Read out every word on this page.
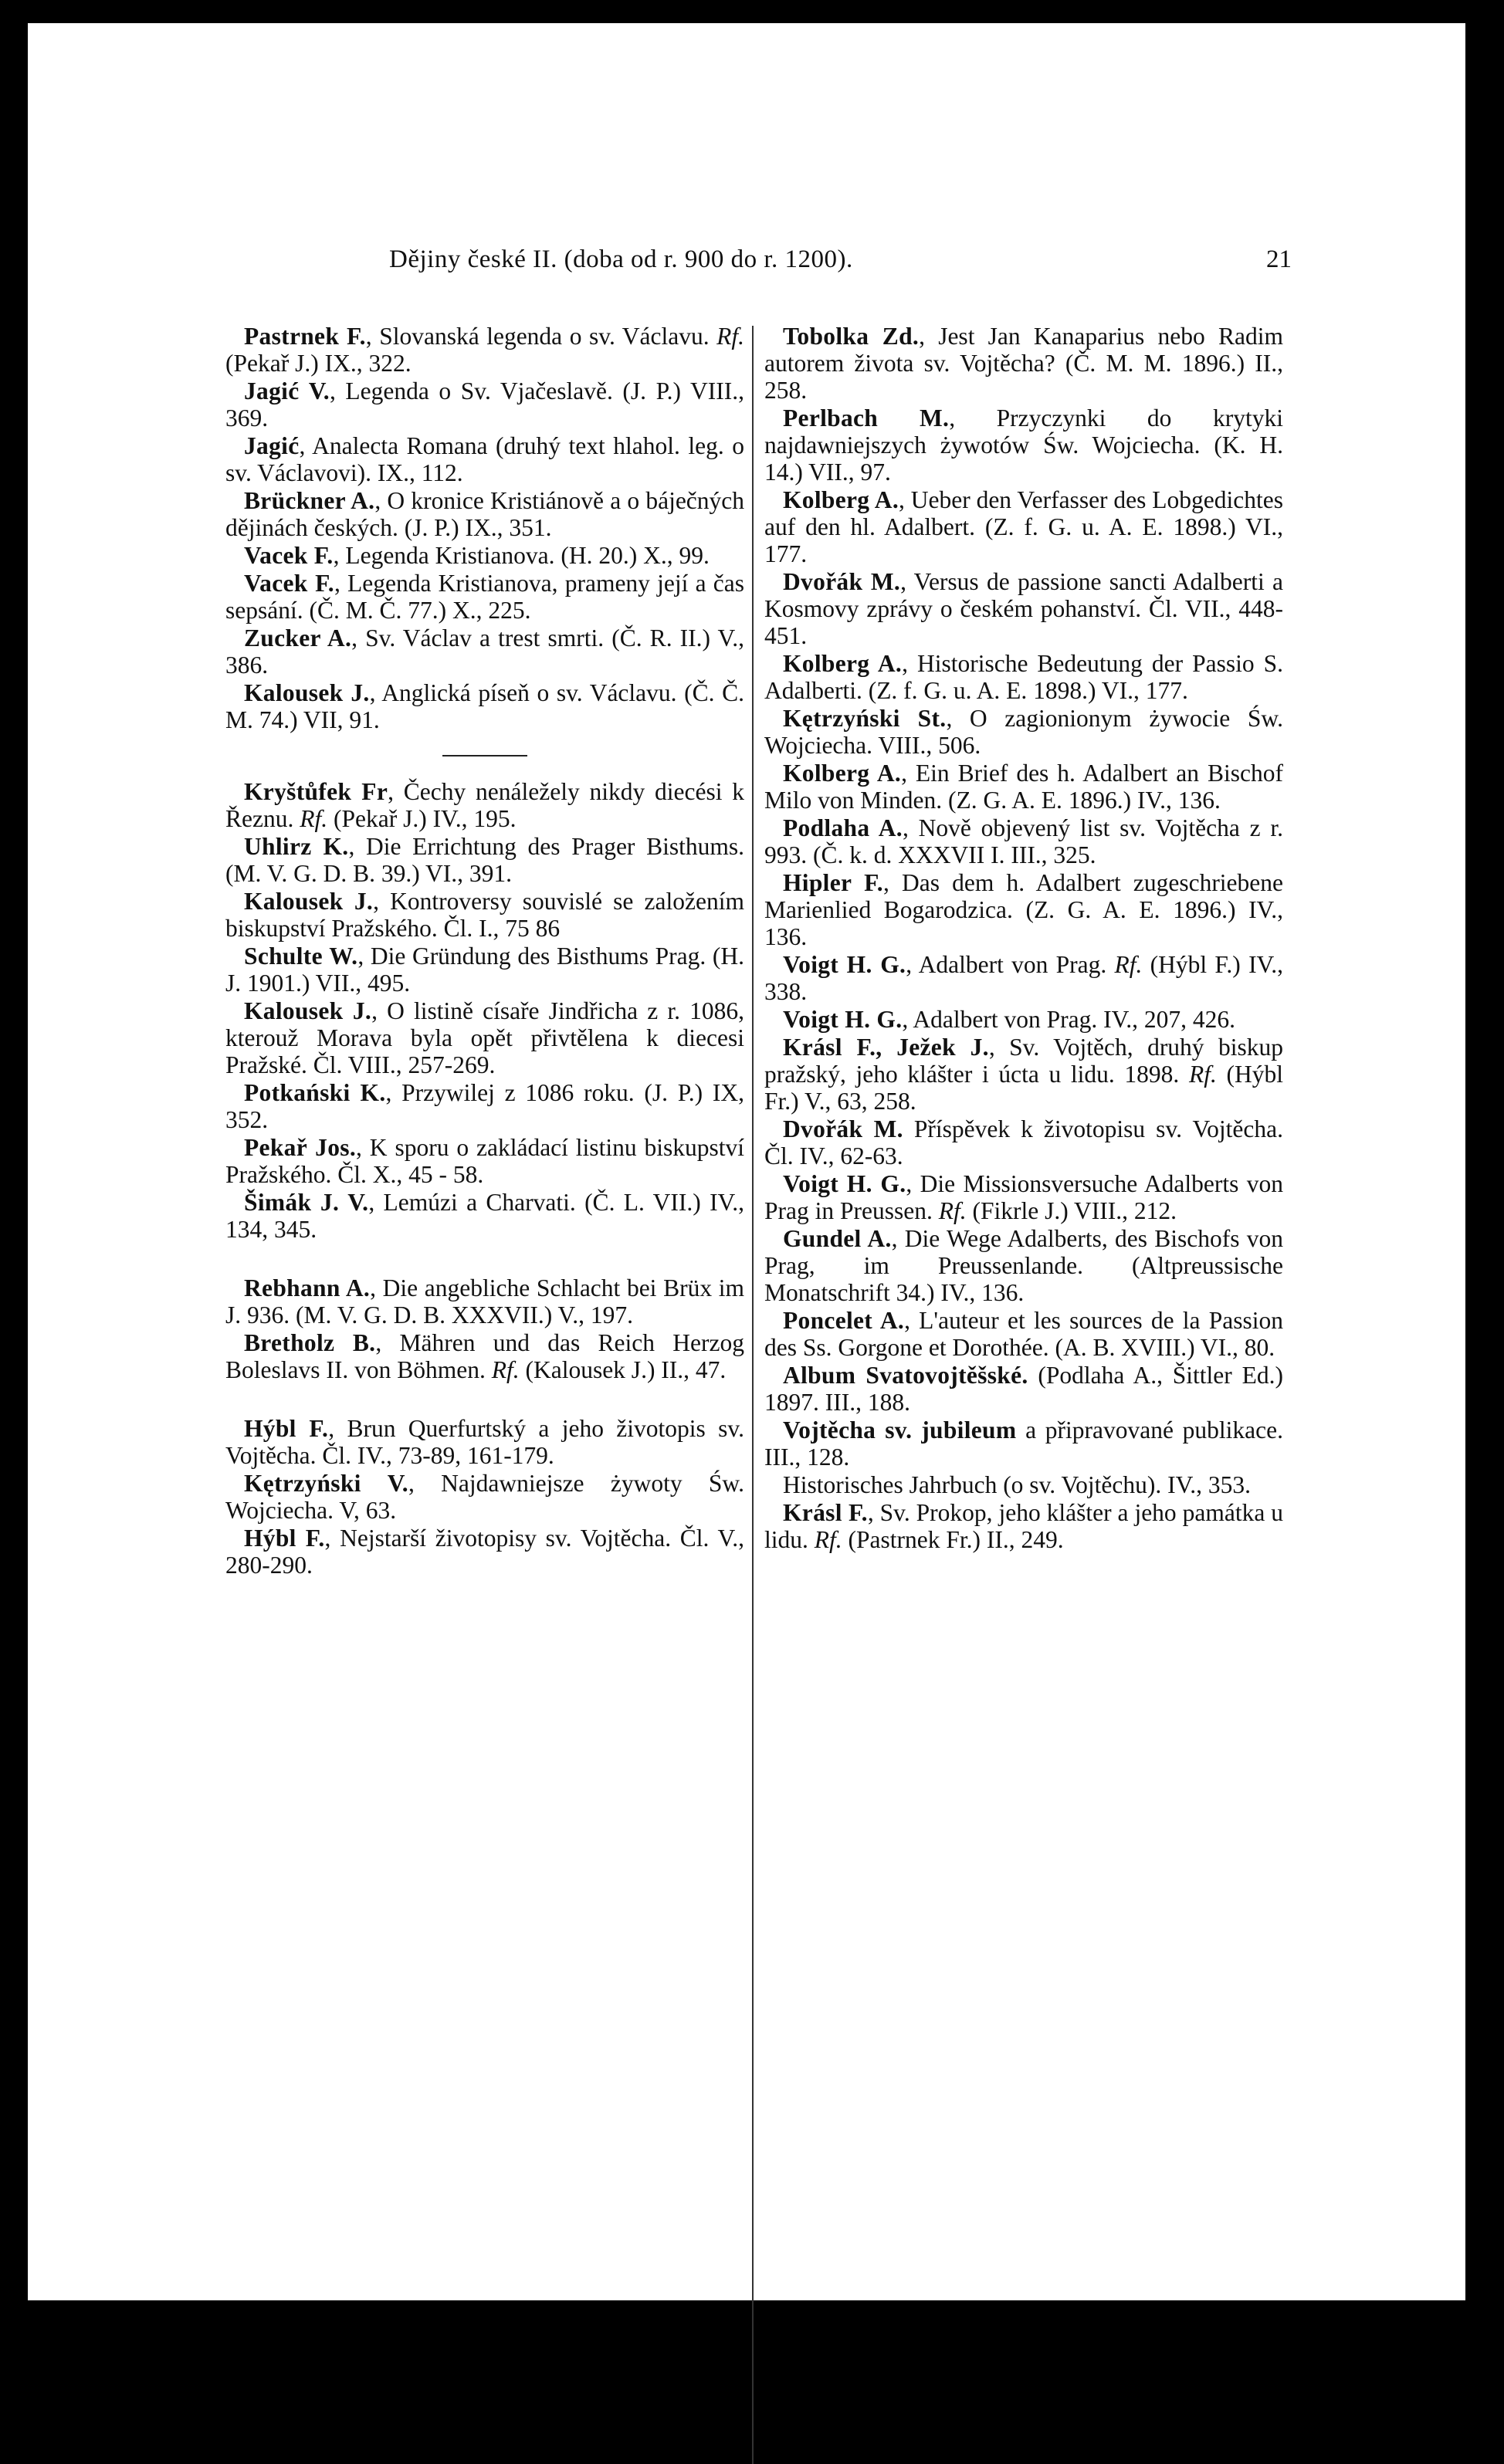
Dějiny české II. (doba od r. 900 do r. 1200).	21

Pastrnek F., Slovanská legenda o sv. Václavu. Rf. (Pekař J.) IX., 322.

Jagić V., Legenda o Sv. Vjačeslavě. (J. P.) VIII., 369.

Jagić, Analecta Romana (druhý text hlahol. leg. o sv. Václavovi). IX., 112.

Brückner A., O kronice Kristiánově a o báječných dějinách českých. (J. P.) IX., 351.

Vacek F., Legenda Kristianova. (H. 20.) X., 99.

Vacek F., Legenda Kristianova, prameny její a čas sepsání. (Č. M. Č. 77.) X., 225.

Zucker A., Sv. Václav a trest smrti. (Č. R. II.) V., 386.

Kalousek J., Anglická píseň o sv. Václavu. (Č. Č. M. 74.) VII, 91.

Kryštůfek Fr, Čechy nenáležely nikdy diecési k Řeznu. Rf. (Pekař J.) IV., 195.

Uhlirz K., Die Errichtung des Prager Bisthums. (M. V. G. D. B. 39.) VI., 391.

Kalousek J., Kontroversy souvislé se založením biskupství Pražského. Čl. I., 75 86

Schulte W., Die Gründung des Bisthums Prag. (H. J. 1901.) VII., 495.

Kalousek J., O listině císaře Jindřicha z r. 1086, kterouž Morava byla opět přivtělena k diecesi Pražské. Čl. VIII., 257-269.

Potkański K., Przywilej z 1086 roku. (J. P.) IX, 352.

Pekař Jos., K sporu o zakládací listinu biskupství Pražského. Čl. X., 45 - 58.

Šimák J. V., Lemúzi a Charvati. (Č. L. VII.) IV., 134, 345.

Rebhann A., Die angebliche Schlacht bei Brüx im J. 936. (M. V. G. D. B. XXXVII.) V., 197.

Bretholz B., Mähren und das Reich Herzog Boleslavs II. von Böhmen. Rf. (Kalousek J.) II., 47.

Hýbl F., Brun Querfurtský a jeho životopis sv. Vojtěcha. Čl. IV., 73-89, 161-179.

Kętrzyński V., Najdawniejsze żywoty Św. Wojciecha. V, 63.

Hýbl F., Nejstarší životopisy sv. Vojtěcha. Čl. V., 280-290.

Tobolka Zd., Jest Jan Kanaparius nebo Radim autorem života sv. Vojtěcha? (Č. M. M. 1896.) II., 258.

Perlbach M., Przyczynki do krytyki najdawniejszych żywotów Św. Wojciecha. (K. H. 14.) VII., 97.

Kolberg A., Ueber den Verfasser des Lobgedichtes auf den hl. Adalbert. (Z. f. G. u. A. E. 1898.) VI., 177.

Dvořák M., Versus de passione sancti Adalberti a Kosmovy zprávy o českém pohanství. Čl. VII., 448-451.

Kolberg A., Historische Bedeutung der Passio S. Adalberti. (Z. f. G. u. A. E. 1898.) VI., 177.

Kętrzyński St., O zagionionym żywocie Św. Wojciecha. VIII., 506.

Kolberg A., Ein Brief des h. Adalbert an Bischof Milo von Minden. (Z. G. A. E. 1896.) IV., 136.

Podlaha A., Nově objevený list sv. Vojtěcha z r. 993. (Č. k. d. XXXVII I. III., 325.

Hipler F., Das dem h. Adalbert zugeschriebene Marienlied Bogarodzica. (Z. G. A. E. 1896.) IV., 136.

Voigt H. G., Adalbert von Prag. Rf. (Hýbl F.) IV., 338.

Voigt H. G., Adalbert von Prag. IV., 207, 426.

Krásl F., Ježek J., Sv. Vojtěch, druhý biskup pražský, jeho klášter i úcta u lidu. 1898. Rf. (Hýbl Fr.) V., 63, 258.

Dvořák M. Příspěvek k životopisu sv. Vojtěcha. Čl. IV., 62-63.

Voigt H. G., Die Missionsversuche Adalberts von Prag in Preussen. Rf. (Fikrle J.) VIII., 212.

Gundel A., Die Wege Adalberts, des Bischofs von Prag, im Preussenlande. (Altpreussische Monatschrift 34.) IV., 136.

Poncelet A., L'auteur et les sources de la Passion des Ss. Gorgone et Dorothée. (A. B. XVIII.) VI., 80.

Album Svatovojtěšské. (Podlaha A., Šittler Ed.) 1897. III., 188.

Vojtěcha sv. jubileum a připravované publikace. III., 128.

Historisches Jahrbuch (o sv. Vojtěchu). IV., 353.

Krásl F., Sv. Prokop, jeho klášter a jeho památka u lidu. Rf. (Pastrnek Fr.) II., 249.
